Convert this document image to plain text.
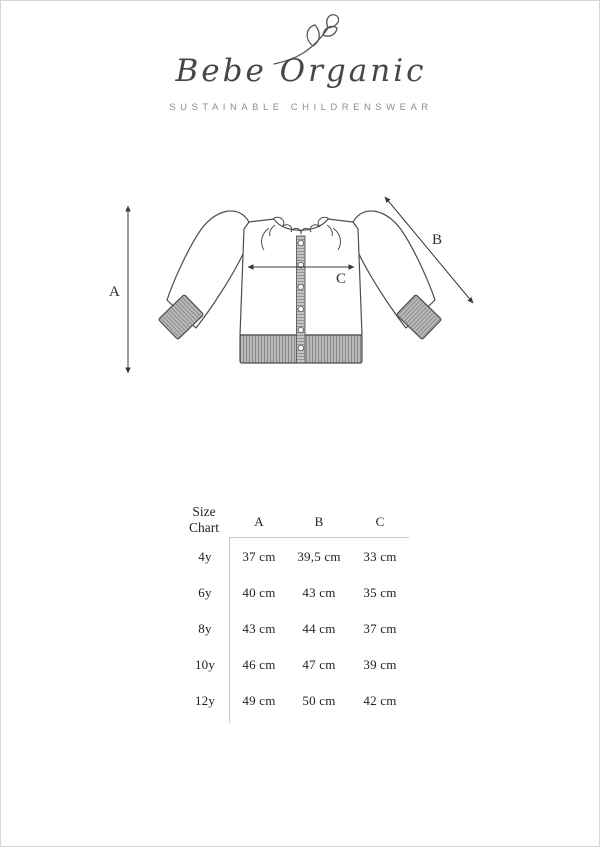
Bebe Organic
SUSTAINABLE CHILDRENSWEAR
A
B
C
Size Chart	A	B	C
4y	37 cm	39,5 cm	33 cm
6y	40 cm	43 cm	35 cm
8y	43 cm	44 cm	37 cm
10y	46 cm	47 cm	39 cm
12y	49 cm	50 cm	42 cm
